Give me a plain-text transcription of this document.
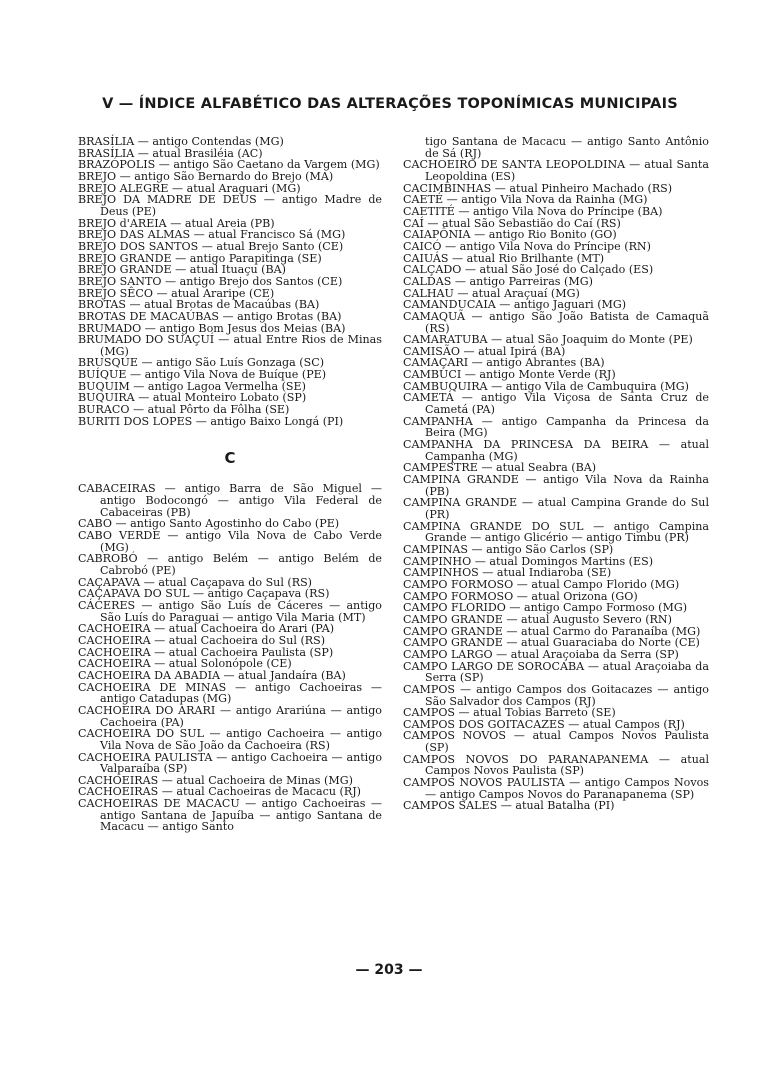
V — ÍNDICE ALFABÉTICO DAS ALTERAÇÕES TOPONÍMICAS MUNICIPAIS

BRASÍLIA — antigo Contendas (MG)

BRASÍLIA — atual Brasiléia (AC)

BRAZÓPOLIS — antigo São Caetano da Vargem (MG)

BREJO — antigo São Bernardo do Brejo (MA)

BREJO ALEGRE — atual Araguari (MG)

BREJO DA MADRE DE DEUS — antigo Madre de Deus (PE)

BREJO d'AREIA — atual Areia (PB)

BREJO DAS ALMAS — atual Francisco Sá (MG)

BREJO DOS SANTOS — atual Brejo Santo (CE)

BREJO GRANDE — antigo Parapitinga (SE)

BREJO GRANDE — atual Ituaçu (BA)

BREJO SANTO — antigo Brejo dos Santos (CE)

BREJO SÊCO — atual Araripe (CE)

BROTAS — atual Brotas de Macaúbas (BA)

BROTAS DE MACAÚBAS — antigo Brotas (BA)

BRUMADO — antigo Bom Jesus dos Meias (BA)

BRUMADO DO SUAÇUÍ — atual Entre Rios de Minas (MG)

BRUSQUE — antigo São Luís Gonzaga (SC)

BUÍQUE — antigo Vila Nova de Buíque (PE)

BUQUIM — antigo Lagoa Vermelha (SE)

BUQUIRA — atual Monteiro Lobato (SP)

BURACO — atual Pôrto da Fôlha (SE)

BURITI DOS LOPES — antigo Baixo Longá (PI)

C

CABACEIRAS — antigo Barra de São Miguel — antigo Bodocongó — antigo Vila Federal de Cabaceiras (PB)

CABO — antigo Santo Agostinho do Cabo (PE)

CABO VERDE — antigo Vila Nova de Cabo Verde (MG)

CABROBÓ — antigo Belém — antigo Belém de Cabrobó (PE)

CAÇAPAVA — atual Caçapava do Sul (RS)

CAÇAPAVA DO SUL — antigo Caçapava (RS)

CÁCERES — antigo São Luís de Cáceres — antigo São Luís do Paraguai — antigo Vila Maria (MT)

CACHOEIRA — atual Cachoeira do Arari (PA)

CACHOEIRA — atual Cachoeira do Sul (RS)

CACHOEIRA — atual Cachoeira Paulista (SP)

CACHOEIRA — atual Solonópole (CE)

CACHOEIRA DA ABADIA — atual Jandaíra (BA)

CACHOEIRA DE MINAS — antigo Cachoeiras — antigo Catadupas (MG)

CACHOEIRA DO ARARI — antigo Arariúna — antigo Cachoeira (PA)

CACHOEIRA DO SUL — antigo Cachoeira — antigo Vila Nova de São João da Cachoeira (RS)

CACHOEIRA PAULISTA — antigo Cachoeira — antigo Valparaíba (SP)

CACHOEIRAS — atual Cachoeira de Minas (MG)

CACHOEIRAS — atual Cachoeiras de Macacu (RJ)

CACHOEIRAS DE MACACU — antigo Cachoeiras — antigo Santana de Japuíba — antigo Santana de Macacu — antigo Santo

tigo Santana de Macacu — antigo Santo Antônio de Sá (RJ)

CACHOEIRO DE SANTA LEOPOLDINA — atual Santa Leopoldina (ES)

CACIMBINHAS — atual Pinheiro Machado (RS)

CAETÉ — antigo Vila Nova da Rainha (MG)

CAETITÉ — antigo Vila Nova do Príncipe (BA)

CAÍ — atual São Sebastião do Caí (RS)

CAIAPÔNIA — antigo Rio Bonito (GO)

CAICÓ — antigo Vila Nova do Príncipe (RN)

CAIUÁS — atual Rio Brilhante (MT)

CALÇADO — atual São José do Calçado (ES)

CALDAS — antigo Parreiras (MG)

CALHAU — atual Araçuaí (MG)

CAMANDUCAIA — antigo Jaguari (MG)

CAMAQUÃ — antigo São João Batista de Camaquã (RS)

CAMARATUBA — atual São Joaquim do Monte (PE)

CAMISÃO — atual Ipirá (BA)

CAMAÇARI — antigo Abrantes (BA)

CAMBUCI — antigo Monte Verde (RJ)

CAMBUQUIRA — antigo Vila de Cambuquira (MG)

CAMETÁ — antigo Vila Viçosa de Santa Cruz de Cametá (PA)

CAMPANHA — antigo Campanha da Princesa da Beira (MG)

CAMPANHA DA PRINCESA DA BEIRA — atual Campanha (MG)

CAMPESTRE — atual Seabra (BA)

CAMPINA GRANDE — antigo Vila Nova da Rainha (PB)

CAMPINA GRANDE — atual Campina Grande do Sul (PR)

CAMPINA GRANDE DO SUL — antigo Campina Grande — antigo Glicério — antigo Timbu (PR)

CAMPINAS — antigo São Carlos (SP)

CAMPINHO — atual Domingos Martins (ES)

CAMPINHOS — atual Indiaroba (SE)

CAMPO FORMOSO — atual Campo Florido (MG)

CAMPO FORMOSO — atual Orizona (GO)

CAMPO FLORIDO — antigo Campo Formoso (MG)

CAMPO GRANDE — atual Augusto Severo (RN)

CAMPO GRANDE — atual Carmo do Paranaíba (MG)

CAMPO GRANDE — atual Guaraciaba do Norte (CE)

CAMPO LARGO — atual Araçoiaba da Serra (SP)

CAMPO LARGO DE SOROCABA — atual Araçoiaba da Serra (SP)

CAMPOS — antigo Campos dos Goitacazes — antigo São Salvador dos Campos (RJ)

CAMPOS — atual Tobias Barreto (SE)

CAMPOS DOS GOITACAZES — atual Campos (RJ)

CAMPOS NOVOS — atual Campos Novos Paulista (SP)

CAMPOS NOVOS DO PARANAPANEMA — atual Campos Novos Paulista (SP)

CAMPOS NOVOS PAULISTA — antigo Campos Novos — antigo Campos Novos do Paranapanema (SP)

CAMPOS SALES — atual Batalha (PI)

— 203 —
